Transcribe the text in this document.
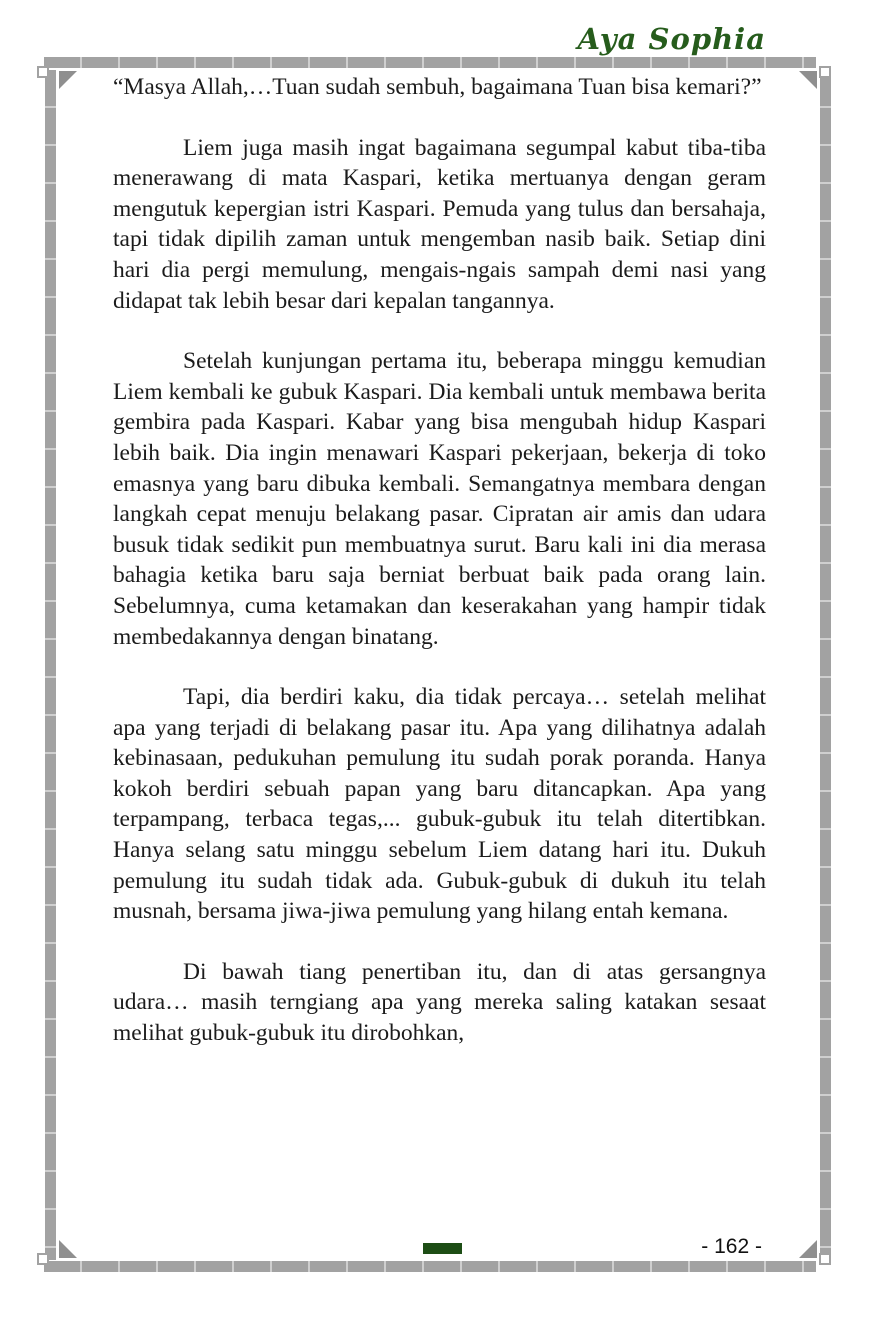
Aya Sophia

“Masya Allah,…Tuan sudah sembuh, bagaimana Tuan bisa kemari?”

Liem juga masih ingat bagaimana segumpal kabut tiba-tiba menerawang di mata Kaspari, ketika mertuanya dengan geram mengutuk kepergian istri Kaspari. Pemuda yang tulus dan bersahaja, tapi tidak dipilih zaman untuk mengemban nasib baik. Setiap dini hari dia pergi memulung, mengais-ngais sampah demi nasi yang didapat tak lebih besar dari kepalan tangannya.

Setelah kunjungan pertama itu, beberapa minggu kemudian Liem kembali ke gubuk Kaspari. Dia kembali untuk membawa berita gembira pada Kaspari. Kabar yang bisa mengubah hidup Kaspari lebih baik. Dia ingin menawari Kaspari pekerjaan, bekerja di toko emasnya yang baru dibuka kembali. Semangatnya membara dengan langkah cepat menuju belakang pasar. Cipratan air amis dan udara busuk tidak sedikit pun membuatnya surut. Baru kali ini dia merasa bahagia ketika baru saja berniat berbuat baik pada orang lain. Sebelumnya, cuma ketamakan dan keserakahan yang hampir tidak membedakannya dengan binatang.

Tapi, dia berdiri kaku, dia tidak percaya… setelah melihat apa yang terjadi di belakang pasar itu. Apa yang dilihatnya adalah kebinasaan, pedukuhan pemulung itu sudah porak poranda. Hanya kokoh berdiri sebuah papan yang baru ditancapkan. Apa yang terpampang, terbaca tegas,... gubuk-gubuk itu telah ditertibkan. Hanya selang satu minggu sebelum Liem datang hari itu. Dukuh pemulung itu sudah tidak ada. Gubuk-gubuk di dukuh itu telah musnah, bersama jiwa-jiwa pemulung yang hilang entah kemana.

Di bawah tiang penertiban itu, dan di atas gersangnya udara… masih terngiang apa yang mereka saling katakan sesaat melihat gubuk-gubuk itu dirobohkan,

- 162 -
